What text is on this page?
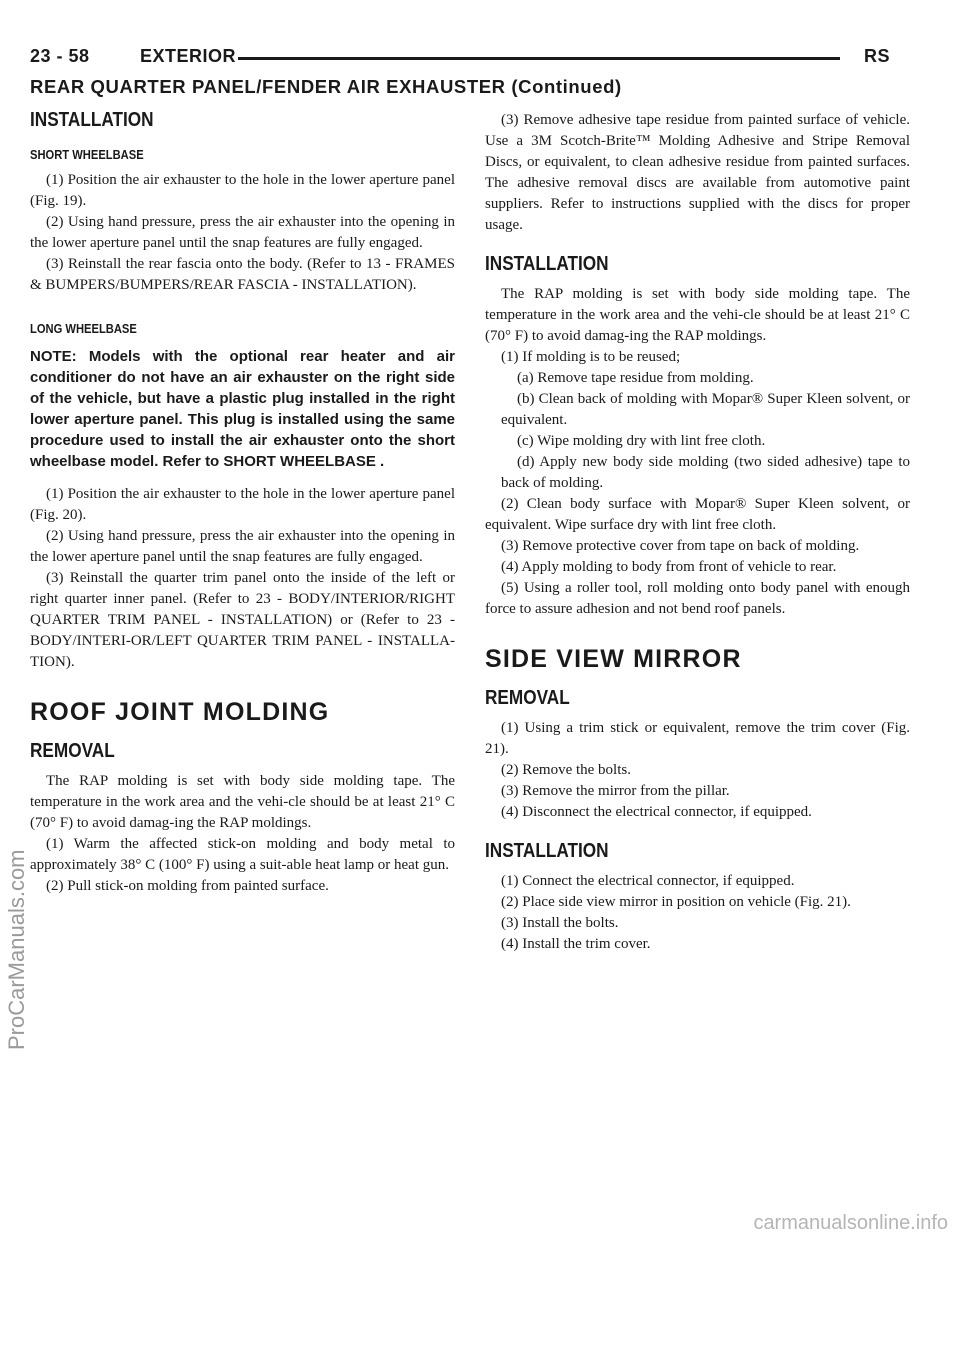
23 - 58	EXTERIOR	RS
REAR QUARTER PANEL/FENDER AIR EXHAUSTER (Continued)
INSTALLATION
SHORT WHEELBASE

(1) Position the air exhauster to the hole in the lower aperture panel (Fig. 19).

(2) Using hand pressure, press the air exhauster into the opening in the lower aperture panel until the snap features are fully engaged.

(3) Reinstall the rear fascia onto the body. (Refer to 13 - FRAMES & BUMPERS/BUMPERS/REAR FASCIA - INSTALLATION).

LONG WHEELBASE

NOTE: Models with the optional rear heater and air conditioner do not have an air exhauster on the right side of the vehicle, but have a plastic plug installed in the right lower aperture panel. This plug is installed using the same procedure used to install the air exhauster onto the short wheelbase model. Refer to SHORT WHEELBASE .

(1) Position the air exhauster to the hole in the lower aperture panel (Fig. 20).

(2) Using hand pressure, press the air exhauster into the opening in the lower aperture panel until the snap features are fully engaged.

(3) Reinstall the quarter trim panel onto the inside of the left or right quarter inner panel. (Refer to 23 - BODY/INTERIOR/RIGHT QUARTER TRIM PANEL - INSTALLATION) or (Refer to 23 - BODY/INTERI-OR/LEFT QUARTER TRIM PANEL - INSTALLA-TION).

ROOF JOINT MOLDING
REMOVAL

The RAP molding is set with body side molding tape. The temperature in the work area and the vehi-cle should be at least 21° C (70° F) to avoid damag-ing the RAP moldings.

(1) Warm the affected stick-on molding and body metal to approximately 38° C (100° F) using a suit-able heat lamp or heat gun.

(2) Pull stick-on molding from painted surface.

(3) Remove adhesive tape residue from painted surface of vehicle. Use a 3M Scotch-Brite™ Molding Adhesive and Stripe Removal Discs, or equivalent, to clean adhesive residue from painted surfaces. The adhesive removal discs are available from automotive paint suppliers. Refer to instructions supplied with the discs for proper usage.

INSTALLATION

The RAP molding is set with body side molding tape. The temperature in the work area and the vehi-cle should be at least 21° C (70° F) to avoid damag-ing the RAP moldings.

(1) If molding is to be reused;

(a) Remove tape residue from molding.

(b) Clean back of molding with Mopar® Super Kleen solvent, or equivalent.

(c) Wipe molding dry with lint free cloth.

(d) Apply new body side molding (two sided adhesive) tape to back of molding.

(2) Clean body surface with Mopar® Super Kleen solvent, or equivalent. Wipe surface dry with lint free cloth.

(3) Remove protective cover from tape on back of molding.

(4) Apply molding to body from front of vehicle to rear.

(5) Using a roller tool, roll molding onto body panel with enough force to assure adhesion and not bend roof panels.

SIDE VIEW MIRROR
REMOVAL

(1) Using a trim stick or equivalent, remove the trim cover (Fig. 21).

(2) Remove the bolts.

(3) Remove the mirror from the pillar.

(4) Disconnect the electrical connector, if equipped.

INSTALLATION

(1) Connect the electrical connector, if equipped.

(2) Place side view mirror in position on vehicle (Fig. 21).

(3) Install the bolts.

(4) Install the trim cover.

ProCarManuals.com
carmanualsonline.info
